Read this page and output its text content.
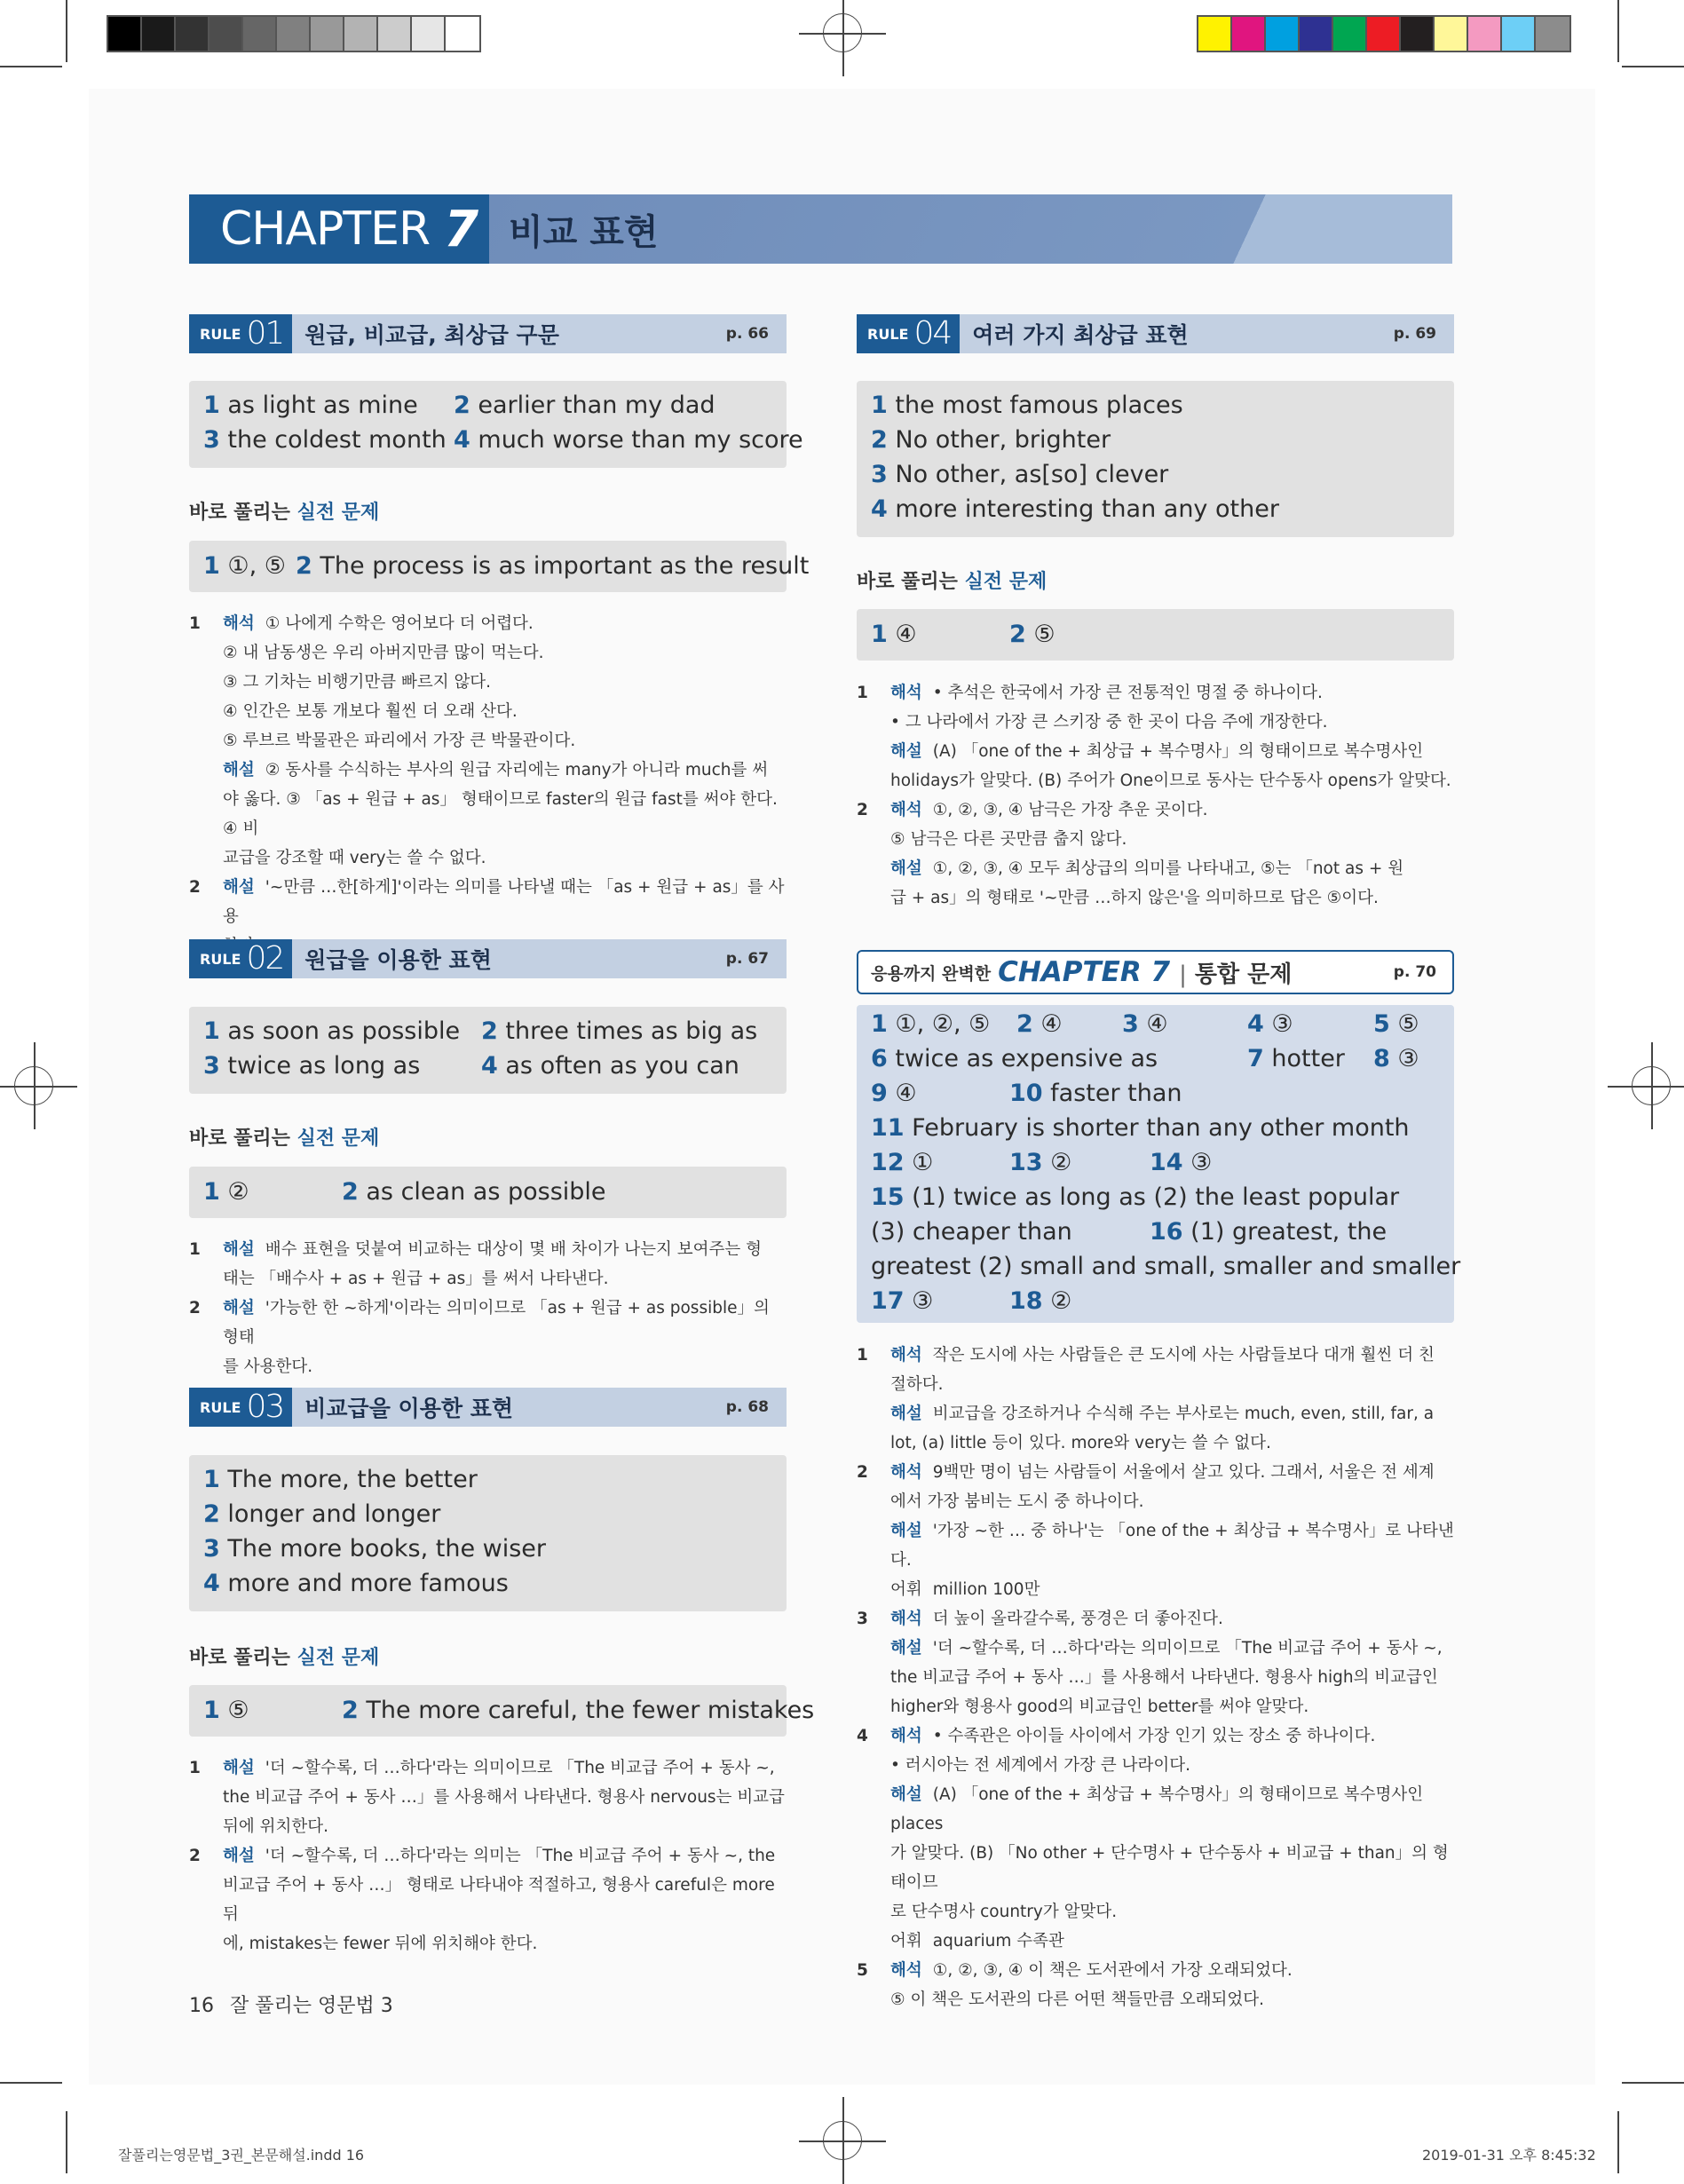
CHAPTER 7 비교 표현
RULE 01 원급, 비교급, 최상급 구문	p. 66
1 as light as mine 2 earlier than my dad
3 the coldest month 4 much worse than my score
바로 풀리는 실전 문제
1 ①, ⑤ 2 The process is as important as the result
1	해석 ① 나에게 수학은 영어보다 더 어렵다.
② 내 남동생은 우리 아버지만큼 많이 먹는다.
③ 그 기차는 비행기만큼 빠르지 않다.
④ 인간은 보통 개보다 훨씬 더 오래 산다.
⑤ 루브르 박물관은 파리에서 가장 큰 박물관이다.
해설 ② 동사를 수식하는 부사의 원급 자리에는 many가 아니라 much를 써
야 옳다. ③ 「as + 원급 + as」 형태이므로 faster의 원급 fast를 써야 한다. ④ 비
교급을 강조할 때 very는 쓸 수 없다.
2	해설 '~만큼 …한[하게]'이라는 의미를 나타낼 때는 「as + 원급 + as」를 사용
RULE 02 원급을 이용한 표현	p. 67
1 as soon as possible 2 three times as big as
3 twice as long as	4 as often as you can
바로 풀리는 실전 문제
1 ②	2 as clean as possible
1	해설 배수 표현을 덧붙여 비교하는 대상이 몇 배 차이가 나는지 보여주는 형
태는 「배수사 + as + 원급 + as」를 써서 나타낸다.
2	해설 '가능한 한 ~하게'이라는 의미이므로 「as + 원급 + as possible」의 형태
를 사용한다.
RULE 03 비교급을 이용한 표현	p. 68
1 The more, the better
2 longer and longer
3 The more books, the wiser
4 more and more famous
바로 풀리는 실전 문제
1 ⑤	2 The more careful, the fewer mistakes
1	해설 '더 ~할수록, 더 …하다'라는 의미이므로 「The 비교급 주어 + 동사 ~,
the 비교급 주어 + 동사 …」를 사용해서 나타낸다. 형용사 nervous는 비교급
뒤에 위치한다.
2	해설 '더 ~할수록, 더 …하다'라는 의미는 「The 비교급 주어 + 동사 ~, the
비교급 주어 + 동사 …」 형태로 나타내야 적절하고, 형용사 careful은 more 뒤
에, mistakes는 fewer 뒤에 위치해야 한다.
RULE 04 여러 가지 최상급 표현	p. 69
1 the most famous places
2 No other, brighter
3 No other, as[so] clever
4 more interesting than any other
바로 풀리는 실전 문제
1 ④	2 ⑤
1	해석 • 추석은 한국에서 가장 큰 전통적인 명절 중 하나이다.
• 그 나라에서 가장 큰 스키장 중 한 곳이 다음 주에 개장한다.
해설 (A) 「one of the + 최상급 + 복수명사」의 형태이므로 복수명사인
holidays가 알맞다. (B) 주어가 One이므로 동사는 단수동사 opens가 알맞다.
2	해석 ①, ②, ③, ④ 남극은 가장 추운 곳이다.
⑤ 남극은 다른 곳만큼 춥지 않다.
해설 ①, ②, ③, ④ 모두 최상급의 의미를 나타내고, ⑤는 「not as + 원
급 + as」의 형태로 '~만큼 …하지 않은'을 의미하므로 답은 ⑤이다.
응용까지 완벽한 CHAPTER 7 | 통합 문제	p. 70
1 ①, ②, ⑤ 2 ④ 3 ④	4 ③	5 ⑤
6 twice as expensive as	7 hotter 8 ③
9 ④	10 faster than
11 February is shorter than any other month
12 ①	13 ②	14 ③
15 (1) twice as long as (2) the least popular
(3) cheaper than	16 (1) greatest, the
greatest (2) small and small, smaller and smaller
17 ③	18 ②
1	해석 작은 도시에 사는 사람들은 큰 도시에 사는 사람들보다 대개 훨씬 더 친
절하다.
해설 비교급을 강조하거나 수식해 주는 부사로는 much, even, still, far, a
lot, (a) little 등이 있다. more와 very는 쓸 수 없다.
2	해석 9백만 명이 넘는 사람들이 서울에서 살고 있다. 그래서, 서울은 전 세계
에서 가장 붐비는 도시 중 하나이다.
해설 '가장 ~한 … 중 하나'는 「one of the + 최상급 + 복수명사」로 나타낸다.
어휘 million 100만
3	해석 더 높이 올라갈수록, 풍경은 더 좋아진다.
해설 '더 ~할수록, 더 …하다'라는 의미이므로 「The 비교급 주어 + 동사 ~,
the 비교급 주어 + 동사 …」를 사용해서 나타낸다. 형용사 high의 비교급인
higher와 형용사 good의 비교급인 better를 써야 알맞다.
4	해석 • 수족관은 아이들 사이에서 가장 인기 있는 장소 중 하나이다.
• 러시아는 전 세계에서 가장 큰 나라이다.
해설 (A) 「one of the + 최상급 + 복수명사」의 형태이므로 복수명사인 places
가 알맞다. (B) 「No other + 단수명사 + 단수동사 + 비교급 + than」의 형태이므
로 단수명사 country가 알맞다.
어휘 aquarium 수족관
5	해석 ①, ②, ③, ④ 이 책은 도서관에서 가장 오래되었다.
⑤ 이 책은 도서관의 다른 어떤 책들만큼 오래되었다.
16 잘 풀리는 영문법 3
잘풀리는영문법_3권_본문해설.indd 16	2019-01-31 오후 8:45:32
